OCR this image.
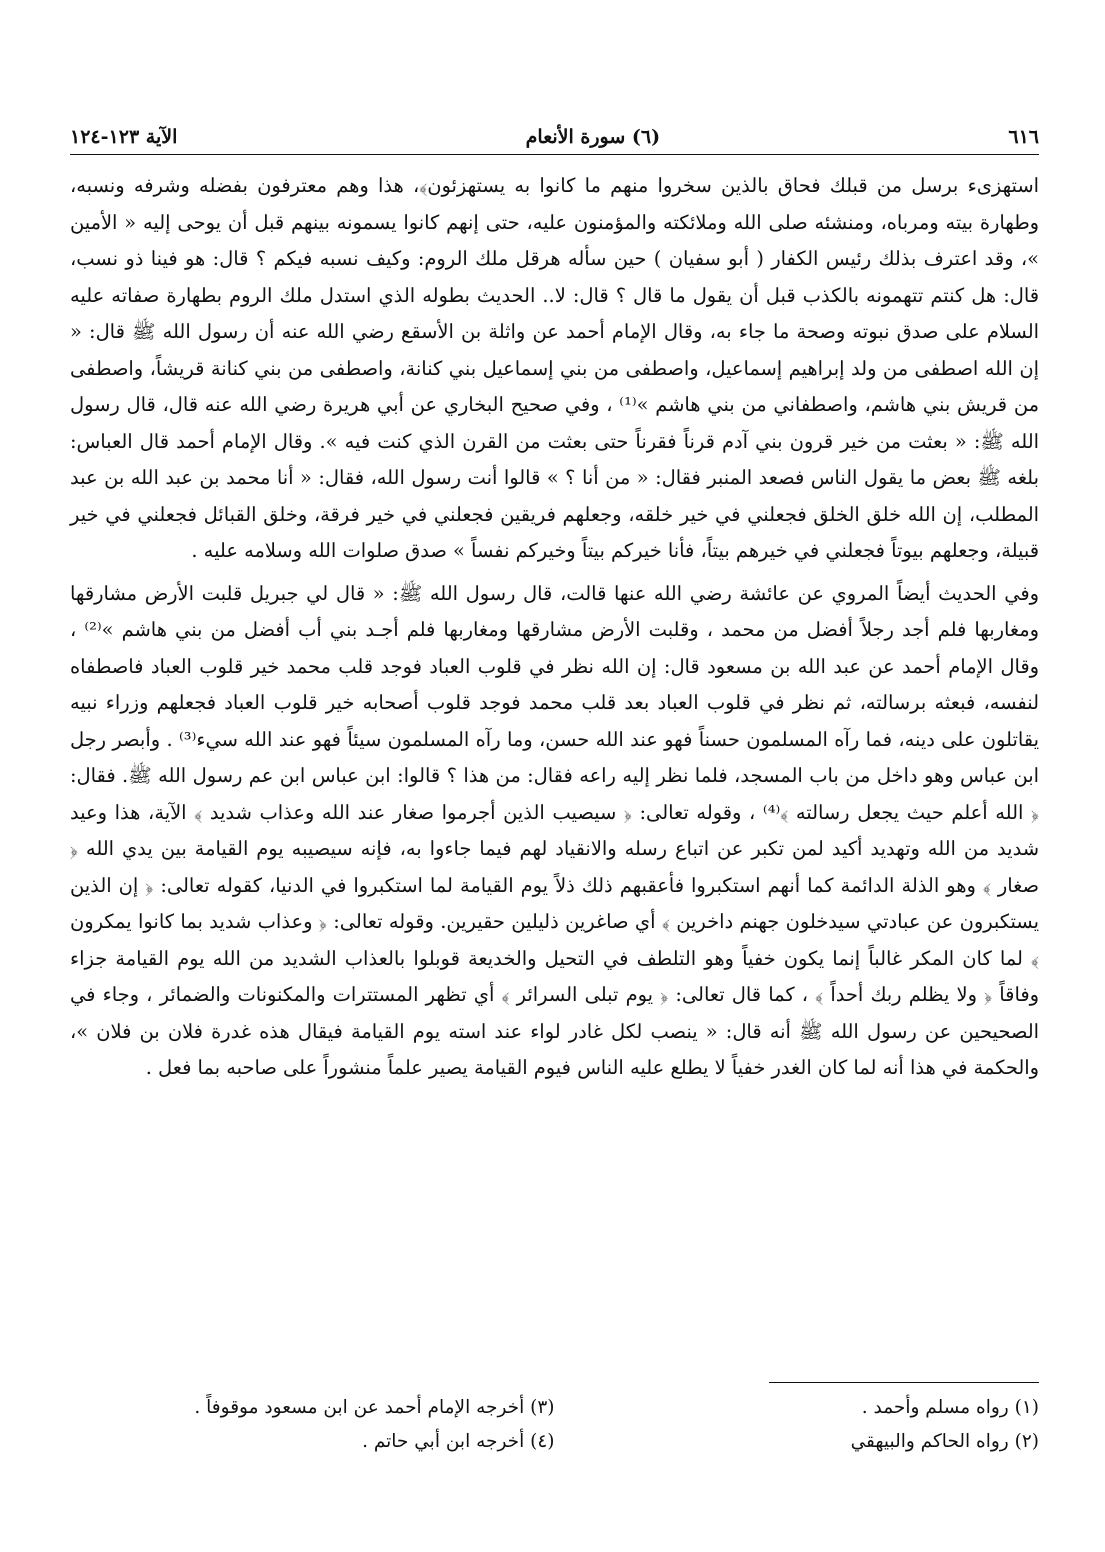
٦١٦
(٦) سورة الأنعام
الآية ١٢٣-١٢٤

استهزىء برسل من قبلك فحاق بالذين سخروا منهم ما كانوا به يستهزئون﴾، هذا وهم معترفون بفضله وشرفه ونسبه، وطهارة بيته ومرباه، ومنشئه صلى الله وملائكته والمؤمنون عليه، حتى إنهم كانوا يسمونه بينهم قبل أن يوحى إليه « الأمين »، وقد اعترف بذلك رئيس الكفار ( أبو سفيان ) حين سأله هرقل ملك الروم: وكيف نسبه فيكم ؟ قال: هو فينا ذو نسب، قال: هل كنتم تتهمونه بالكذب قبل أن يقول ما قال ؟ قال: لا.. الحديث بطوله الذي استدل ملك الروم بطهارة صفاته عليه السلام على صدق نبوته وصحة ما جاء به، وقال الإمام أحمد عن واثلة بن الأسقع رضي الله عنه أن رسول الله ﷺ قال: « إن الله اصطفى من ولد إبراهيم إسماعيل، واصطفى من بني إسماعيل بني كنانة، واصطفى من بني كنانة قريشاً، واصطفى من قريش بني هاشم، واصطفاني من بني هاشم »⁽¹⁾ ، وفي صحيح البخاري عن أبي هريرة رضي الله عنه قال، قال رسول الله ﷺ: « بعثت من خير قرون بني آدم قرناً فقرناً حتى بعثت من القرن الذي كنت فيه ». وقال الإمام أحمد قال العباس: بلغه ﷺ بعض ما يقول الناس فصعد المنبر فقال: « من أنا ؟ » قالوا أنت رسول الله، فقال: « أنا محمد بن عبد الله بن عبد المطلب، إن الله خلق الخلق فجعلني في خير خلقه، وجعلهم فريقين فجعلني في خير فرقة، وخلق القبائل فجعلني في خير قبيلة، وجعلهم بيوتاً فجعلني في خيرهم بيتاً، فأنا خيركم بيتاً وخيركم نفساً » صدق صلوات الله وسلامه عليه .

وفي الحديث أيضاً المروي عن عائشة رضي الله عنها قالت، قال رسول الله ﷺ: « قال لي جبريل قلبت الأرض مشارقها ومغاربها فلم أجد رجلاً أفضل من محمد ، وقلبت الأرض مشارقها ومغاربها فلم أجـد بني أب أفضل من بني هاشم »⁽²⁾ ، وقال الإمام أحمد عن عبد الله بن مسعود قال: إن الله نظر في قلوب العباد فوجد قلب محمد خير قلوب العباد فاصطفاه لنفسه، فبعثه برسالته، ثم نظر في قلوب العباد بعد قلب محمد فوجد قلوب أصحابه خير قلوب العباد فجعلهم وزراء نبيه يقاتلون على دينه، فما رآه المسلمون حسناً فهو عند الله حسن، وما رآه المسلمون سيئاً فهو عند الله سيء⁽³⁾ . وأبصر رجل ابن عباس وهو داخل من باب المسجد، فلما نظر إليه راعه فقال: من هذا ؟ قالوا: ابن عباس ابن عم رسول الله ﷺ. فقال: ﴿ الله أعلم حيث يجعل رسالته ﴾⁽⁴⁾ ، وقوله تعالى: ﴿ سيصيب الذين أجرموا صغار عند الله وعذاب شديد ﴾ الآية، هذا وعيد شديد من الله وتهديد أكيد لمن تكبر عن اتباع رسله والانقياد لهم فيما جاءوا به، فإنه سيصيبه يوم القيامة بين يدي الله ﴿ صغار ﴾ وهو الذلة الدائمة كما أنهم استكبروا فأعقبهم ذلك ذلاً يوم القيامة لما استكبروا في الدنيا، كقوله تعالى: ﴿ إن الذين يستكبرون عن عبادتي سيدخلون جهنم داخرين ﴾ أي صاغرين ذليلين حقيرين. وقوله تعالى: ﴿ وعذاب شديد بما كانوا يمكرون ﴾ لما كان المكر غالباً إنما يكون خفياً وهو التلطف في التحيل والخديعة قوبلوا بالعذاب الشديد من الله يوم القيامة جزاء وفاقاً ﴿ ولا يظلم ربك أحداً ﴾ ، كما قال تعالى: ﴿ يوم تبلى السرائر ﴾ أي تظهر المستترات والمكنونات والضمائر ، وجاء في الصحيحين عن رسول الله ﷺ أنه قال: « ينصب لكل غادر لواء عند استه يوم القيامة فيقال هذه غدرة فلان بن فلان »، والحكمة في هذا أنه لما كان الغدر خفياً لا يطلع عليه الناس فيوم القيامة يصير علماً منشوراً على صاحبه بما فعل .

(١) رواه مسلم وأحمد .
(٣) أخرجه الإمام أحمد عن ابن مسعود موقوفاً .
(٢) رواه الحاكم والبيهقي
(٤) أخرجه ابن أبي حاتم .
